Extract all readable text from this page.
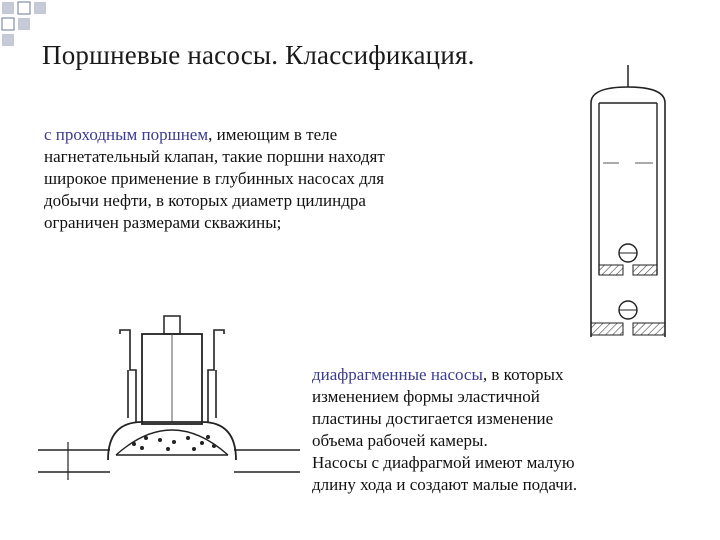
Поршневые насосы. Классификация.
с проходным поршнем, имеющим в теле
нагнетательный клапан, такие поршни находят
широкое применение в глубинных насосах для
добычи нефти, в которых диаметр цилиндра
ограничен размерами скважины;
диафрагменные насосы, в которых
изменением формы эластичной
пластины достигается изменение
объема рабочей камеры.
Насосы с диафрагмой имеют малую
длину хода и создают малые подачи.
